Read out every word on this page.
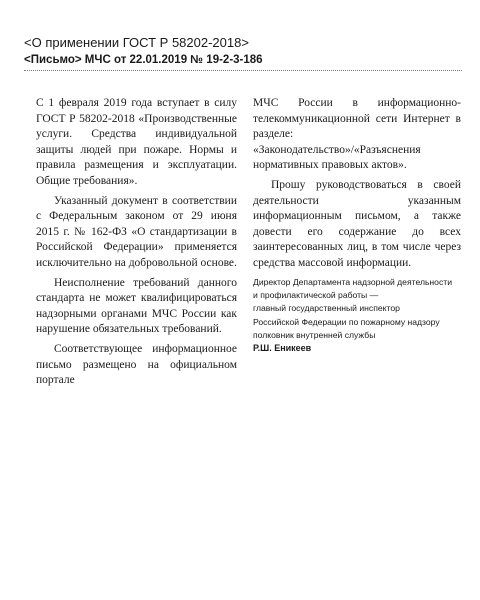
<О применении ГОСТ Р 58202-2018>
<Письмо> МЧС от 22.01.2019 № 19-2-3-186

С 1 февраля 2019 года вступает в силу ГОСТ Р 58202-2018 «Производственные услуги. Средства индивидуальной защиты людей при пожаре. Нормы и правила размещения и эксплуатации. Общие требования».

Указанный документ в соответствии с Федеральным законом от 29 июня 2015 г. № 162-ФЗ «О стандартизации в Российской Федерации» применяется исключительно на добровольной основе.

Неисполнение требований данного стандарта не может квалифицироваться надзорными органами МЧС России как нарушение обязательных требований.

Соответствующее информационное письмо размещено на официальном портале

МЧС России в информационно-телекоммуникационной сети Интернет в разделе: «Законодательство»/«Разъяснения нормативных правовых актов».

Прошу руководствоваться в своей деятельности указанным информационным письмом, а также довести его содержание до всех заинтересованных лиц, в том числе через средства массовой информации.

Директор Департамента надзорной деятельности
и профилактической работы —
главный государственный инспектор
Российской Федерации по пожарному надзору
полковник внутренней службы
Р.Ш. Еникеев
